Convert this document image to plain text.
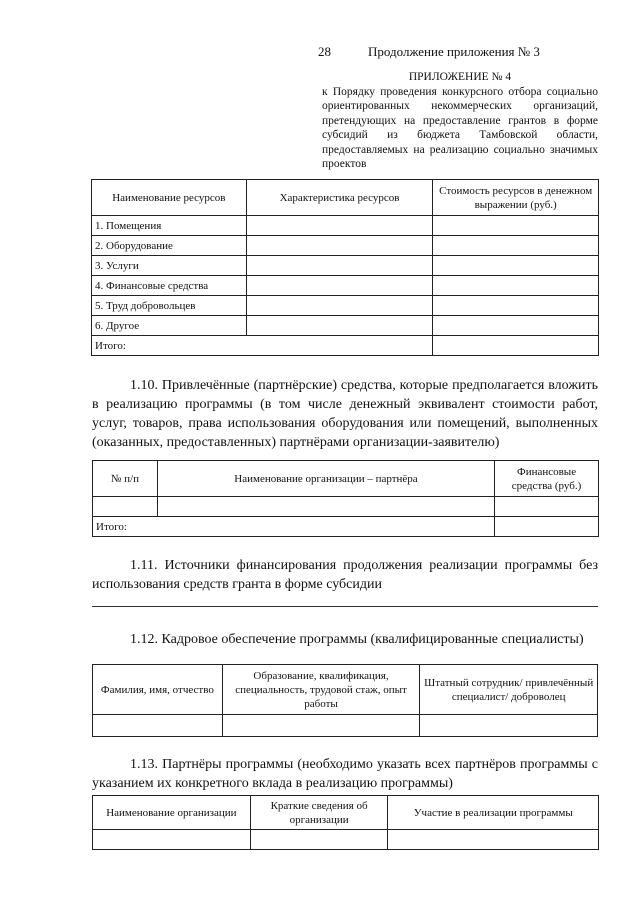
28	Продолжение приложения № 3
ПРИЛОЖЕНИЕ № 4
к Порядку проведения конкурсного отбора социально ориентированных некоммерческих организаций, претендующих на предоставление грантов в форме субсидий из бюджета Тамбовской области, предоставляемых на реализацию социально значимых проектов
Наименование ресурсов	Характеристика ресурсов	Стоимость ресурсов в денежном выражении (руб.)
1. Помещения		
2. Оборудование		
3. Услуги		
4. Финансовые средства		
5. Труд добровольцев		
6. Другое		
Итого:		
1.10. Привлечённые (партнёрские) средства, которые предполагается вложить в реализацию программы (в том числе денежный эквивалент стоимости работ, услуг, товаров, права использования оборудования или помещений, выполненных (оказанных, предоставленных) партнёрами организации-заявителю)
№ п/п	Наименование организации – партнёра	Финансовые средства (руб.)

Итого:		
1.11. Источники финансирования продолжения реализации программы без использования средств гранта в форме субсидии
1.12. Кадровое обеспечение программы (квалифицированные специалисты)
Фамилия, имя, отчество	Образование, квалификация, специальность, трудовой стаж, опыт работы	Штатный сотрудник/ привлечённый специалист/ доброволец

1.13. Партнёры программы (необходимо указать всех партнёров программы с указанием их конкретного вклада в реализацию программы)
Наименование организации	Краткие сведения об организации	Участие в реализации программы
